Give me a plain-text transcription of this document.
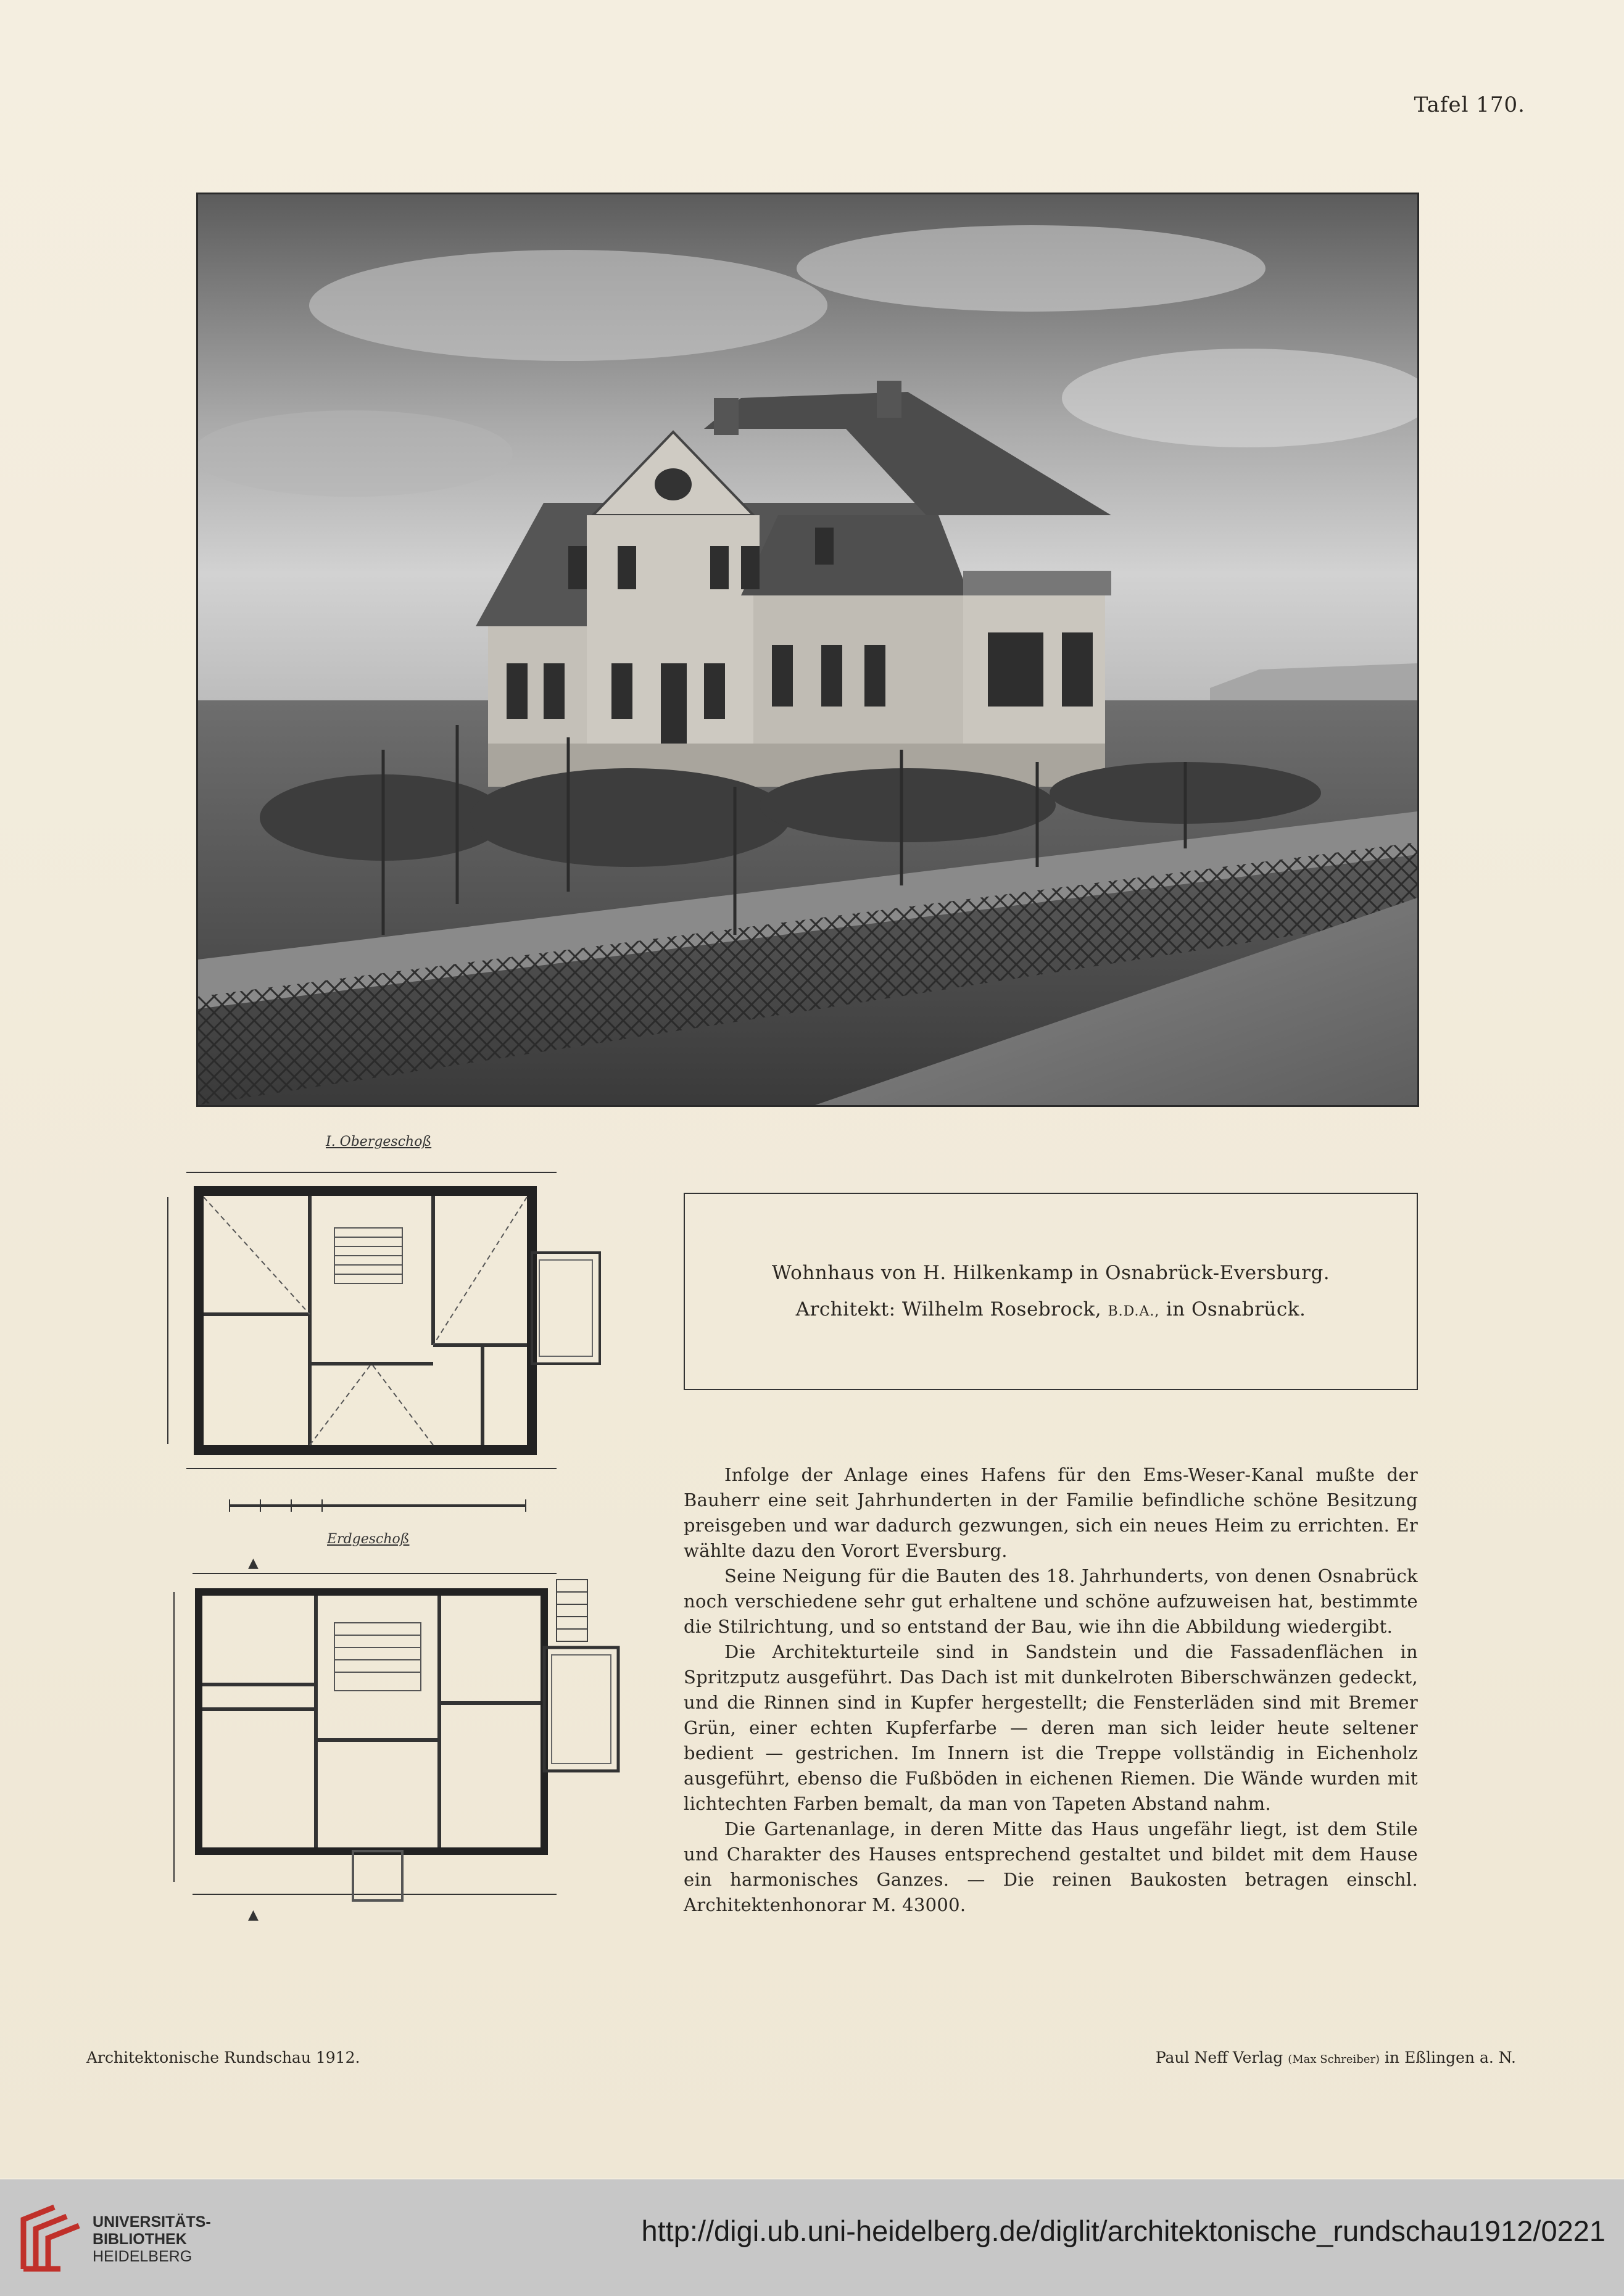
Tafel 170.
I. Obergeschoß
Erdgeschoß
▲
▲
Wohnhaus von H. Hilkenkamp in Osnabrück-Eversburg.
Architekt: Wilhelm Rosebrock, B.D.A., in Osnabrück.

Infolge der Anlage eines Hafens für den Ems-Weser-Kanal mußte der Bauherr eine seit Jahrhunderten in der Familie befindliche schöne Besitzung preisgeben und war dadurch gezwungen, sich ein neues Heim zu errichten. Er wählte dazu den Vorort Eversburg.

Seine Neigung für die Bauten des 18. Jahrhunderts, von denen Osnabrück noch verschiedene sehr gut erhaltene und schöne aufzuweisen hat, bestimmte die Stilrichtung, und so entstand der Bau, wie ihn die Abbildung wiedergibt.

Die Architekturteile sind in Sandstein und die Fassadenflächen in Spritzputz ausgeführt. Das Dach ist mit dunkelroten Biberschwänzen gedeckt, und die Rinnen sind in Kupfer hergestellt; die Fensterläden sind mit Bremer Grün, einer echten Kupferfarbe — deren man sich leider heute seltener bedient — gestrichen. Im Innern ist die Treppe vollständig in Eichenholz ausgeführt, ebenso die Fußböden in eichenen Riemen. Die Wände wurden mit lichtechten Farben bemalt, da man von Tapeten Abstand nahm.

Die Gartenanlage, in deren Mitte das Haus ungefähr liegt, ist dem Stile und Charakter des Hauses entsprechend gestaltet und bildet mit dem Hause ein harmonisches Ganzes. — Die reinen Baukosten betragen einschl. Architektenhonorar M. 43000.

Architektonische Rundschau 1912.	Paul Neff Verlag (Max Schreiber) in Eßlingen a. N.
UNIVERSITÄTS-
BIBLIOTHEK
HEIDELBERG
http://digi.ub.uni-heidelberg.de/diglit/architektonische_rundschau1912/0221
